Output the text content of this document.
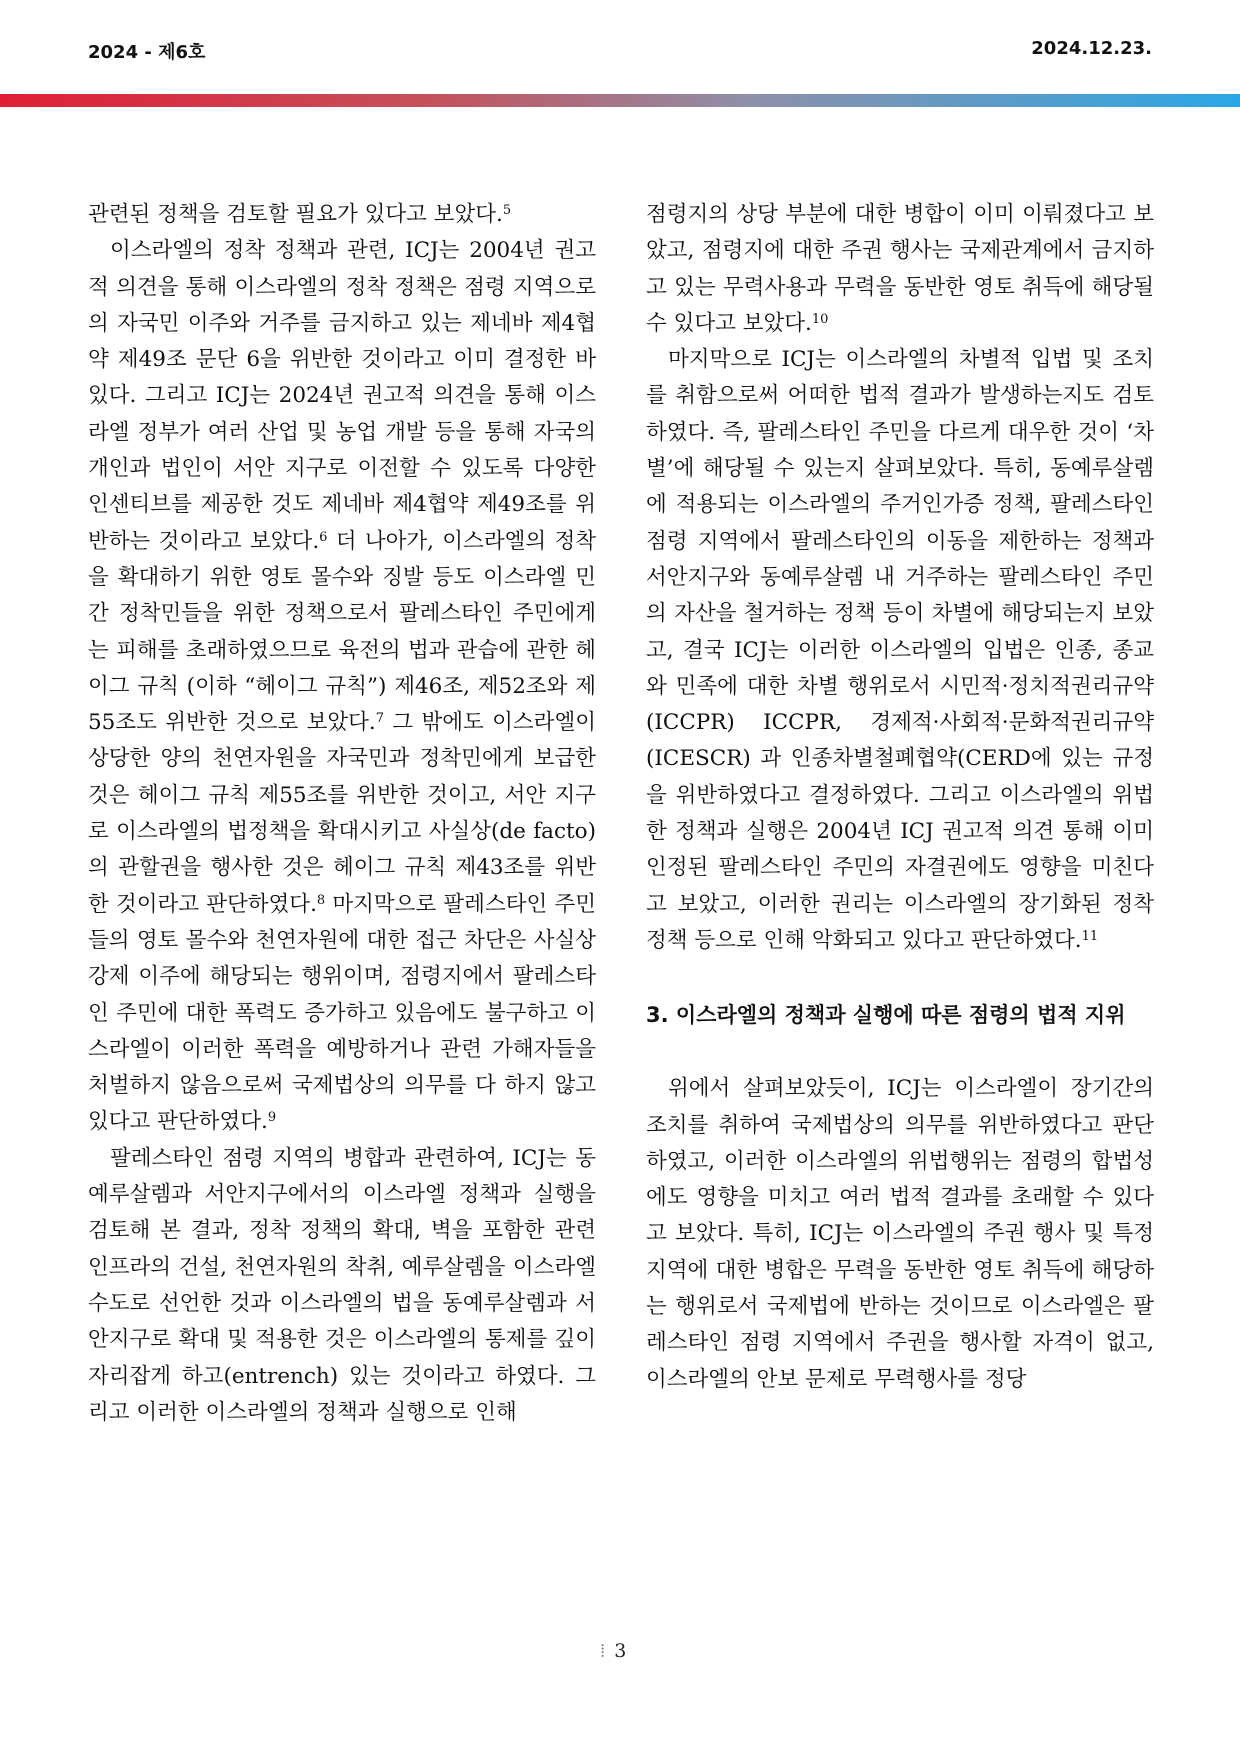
2024 - 제6호	2024.12.23.

관련된 정책을 검토할 필요가 있다고 보았다.$^5$

이스라엘의 정착 정책과 관련, ICJ는 2004년 권고적 의견을 통해 이스라엘의 정착 정책은 점령 지역으로의 자국민 이주와 거주를 금지하고 있는 제네바 제4협약 제49조 문단 6을 위반한 것이라고 이미 결정한 바 있다. 그리고 ICJ는 2024년 권고적 의견을 통해 이스라엘 정부가 여러 산업 및 농업 개발 등을 통해 자국의 개인과 법인이 서안 지구로 이전할 수 있도록 다양한 인센티브를 제공한 것도 제네바 제4협약 제49조를 위반하는 것이라고 보았다.$^6$ 더 나아가, 이스라엘의 정착을 확대하기 위한 영토 몰수와 징발 등도 이스라엘 민간 정착민들을 위한 정책으로서 팔레스타인 주민에게는 피해를 초래하였으므로 육전의 법과 관습에 관한 헤이그 규칙 (이하 “헤이그 규칙”) 제46조, 제52조와 제55조도 위반한 것으로 보았다.$^7$ 그 밖에도 이스라엘이 상당한 양의 천연자원을 자국민과 정착민에게 보급한 것은 헤이그 규칙 제55조를 위반한 것이고, 서안 지구로 이스라엘의 법정책을 확대시키고 사실상(de facto)의 관할권을 행사한 것은 헤이그 규칙 제43조를 위반한 것이라고 판단하였다.$^8$ 마지막으로 팔레스타인 주민들의 영토 몰수와 천연자원에 대한 접근 차단은 사실상 강제 이주에 해당되는 행위이며, 점령지에서 팔레스타인 주민에 대한 폭력도 증가하고 있음에도 불구하고 이스라엘이 이러한 폭력을 예방하거나 관련 가해자들을 처벌하지 않음으로써 국제법상의 의무를 다 하지 않고 있다고 판단하였다.$^9$

팔레스타인 점령 지역의 병합과 관련하여, ICJ는 동예루살렘과 서안지구에서의 이스라엘 정책과 실행을 검토해 본 결과, 정착 정책의 확대, 벽을 포함한 관련 인프라의 건설, 천연자원의 착취, 예루살렘을 이스라엘 수도로 선언한 것과 이스라엘의 법을 동예루살렘과 서안지구로 확대 및 적용한 것은 이스라엘의 통제를 깊이 자리잡게 하고(entrench) 있는 것이라고 하였다. 그리고 이러한 이스라엘의 정책과 실행으로 인해

점령지의 상당 부분에 대한 병합이 이미 이뤄졌다고 보았고, 점령지에 대한 주권 행사는 국제관계에서 금지하고 있는 무력사용과 무력을 동반한 영토 취득에 해당될 수 있다고 보았다.$^{10}$

마지막으로 ICJ는 이스라엘의 차별적 입법 및 조치를 취함으로써 어떠한 법적 결과가 발생하는지도 검토하였다. 즉, 팔레스타인 주민을 다르게 대우한 것이 ‘차별’에 해당될 수 있는지 살펴보았다. 특히, 동예루살렘에 적용되는 이스라엘의 주거인가증 정책, 팔레스타인 점령 지역에서 팔레스타인의 이동을 제한하는 정책과 서안지구와 동예루살렘 내 거주하는 팔레스타인 주민의 자산을 철거하는 정책 등이 차별에 해당되는지 보았고, 결국 ICJ는 이러한 이스라엘의 입법은 인종, 종교와 민족에 대한 차별 행위로서 시민적·정치적권리규약(ICCPR) ICCPR, 경제적·사회적·문화적권리규약(ICESCR) 과 인종차별철폐협약(CERD에 있는 규정을 위반하였다고 결정하였다. 그리고 이스라엘의 위법한 정책과 실행은 2004년 ICJ 권고적 의견 통해 이미 인정된 팔레스타인 주민의 자결권에도 영향을 미친다고 보았고, 이러한 권리는 이스라엘의 장기화된 정착 정책 등으로 인해 악화되고 있다고 판단하였다.$^{11}$

3. 이스라엘의 정책과 실행에 따른 점령의 법적 지위

위에서 살펴보았듯이, ICJ는 이스라엘이 장기간의 조치를 취하여 국제법상의 의무를 위반하였다고 판단하였고, 이러한 이스라엘의 위법행위는 점령의 합법성에도 영향을 미치고 여러 법적 결과를 초래할 수 있다고 보았다. 특히, ICJ는 이스라엘의 주권 행사 및 특정 지역에 대한 병합은 무력을 동반한 영토 취득에 해당하는 행위로서 국제법에 반하는 것이므로 이스라엘은 팔레스타인 점령 지역에서 주권을 행사할 자격이 없고, 이스라엘의 안보 문제로 무력행사를 정당

⁞ 3
